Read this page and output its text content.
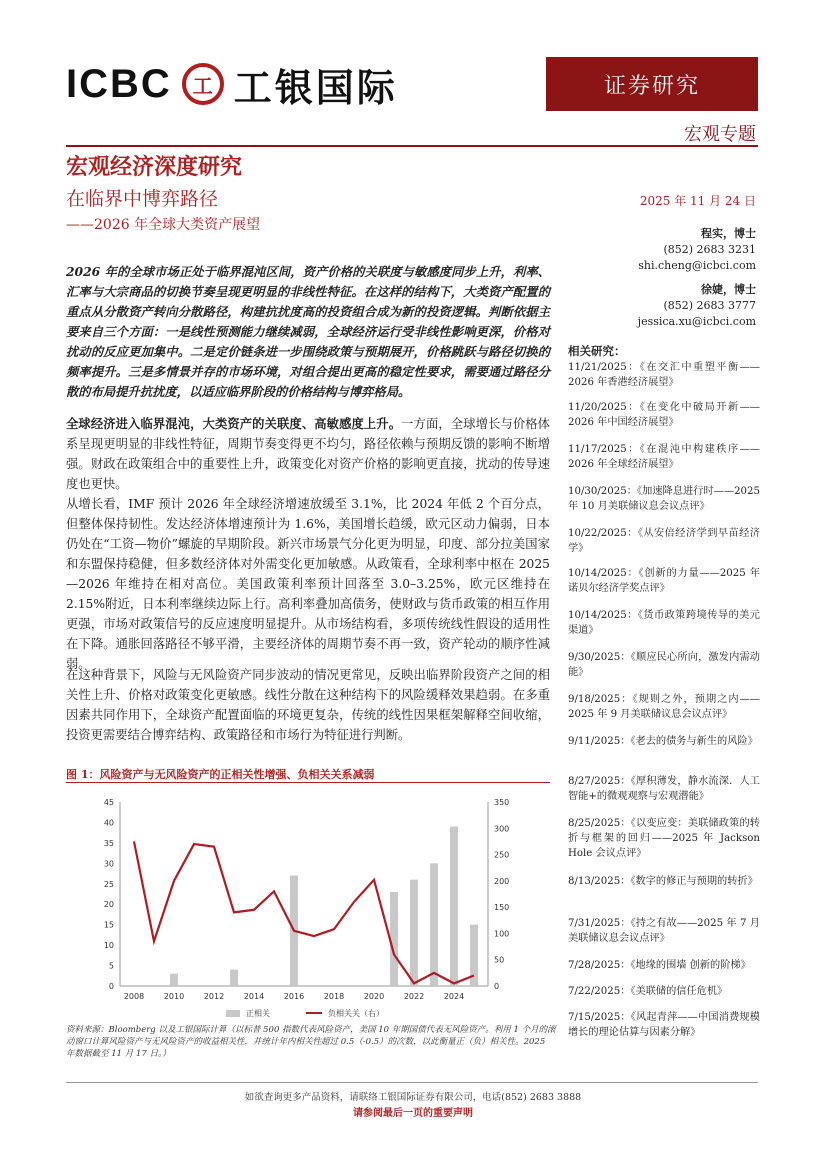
ICBC	工 工银国际	证券研究
宏观专题
宏观经济深度研究
在临界中博弈路径
——2026 年全球大类资产展望
2025 年 11 月 24 日
程实，博士
(852) 2683 3231
shi.cheng@icbci.com
徐婕，博士
(852) 2683 3777
jessica.xu@icbci.com
2026 年的全球市场正处于临界混沌区间，资产价格的关联度与敏感度同步上升，利率、汇率与大宗商品的切换节奏呈现更明显的非线性特征。在这样的结构下，大类资产配置的重点从分散资产转向分散路径，构建抗扰度高的投资组合成为新的投资逻辑。判断依据主要来自三个方面：一是线性预测能力继续减弱，全球经济运行受非线性影响更深，价格对扰动的反应更加集中。二是定价链条进一步围绕政策与预期展开，价格跳跃与路径切换的频率提升。三是多情景并存的市场环境，对组合提出更高的稳定性要求，需要通过路径分散的布局提升抗扰度，以适应临界阶段的价格结构与博弈格局。
全球经济进入临界混沌，大类资产的关联度、高敏感度上升。一方面，全球增长与价格体系呈现更明显的非线性特征，周期节奏变得更不均匀，路径依赖与预期反馈的影响不断增强。财政在政策组合中的重要性上升，政策变化对资产价格的影响更直接，扰动的传导速度也更快。
从增长看，IMF 预计 2026 年全球经济增速放缓至 3.1%，比 2024 年低 2 个百分点，但整体保持韧性。发达经济体增速预计为 1.6%，美国增长趋缓，欧元区动力偏弱，日本仍处在“工资—物价”螺旋的早期阶段。新兴市场景气分化更为明显，印度、部分拉美国家和东盟保持稳健，但多数经济体对外需变化更加敏感。从政策看，全球利率中枢在 2025—2026 年维持在相对高位。美国政策利率预计回落至 3.0–3.25%，欧元区维持在 2.15%附近，日本利率继续边际上行。高利率叠加高债务，使财政与货币政策的相互作用更强，市场对政策信号的反应速度明显提升。从市场结构看，多项传统线性假设的适用性在下降。通胀回落路径不够平滑，主要经济体的周期节奏不再一致，资产轮动的顺序性减弱。
在这种背景下，风险与无风险资产同步波动的情况更常见，反映出临界阶段资产之间的相关性上升、价格对政策变化更敏感。线性分散在这种结构下的风险缓释效果趋弱。在多重因素共同作用下，全球资产配置面临的环境更复杂，传统的线性因果框架解释空间收缩，投资更需要结合博弈结构、政策路径和市场行为特征进行判断。
相关研究：
11/21/2025：《在交汇中重塑平衡——2026 年香港经济展望》
11/20/2025：《在变化中破局开新——2026 年中国经济展望》
11/17/2025：《在混沌中构建秩序——2026 年全球经济展望》
10/30/2025：《加速降息进行时——2025 年 10 月美联储议息会议点评》
10/22/2025：《从安倍经济学到早苗经济学》
10/14/2025：《创新的力量——2025 年诺贝尔经济学奖点评》
10/14/2025：《货币政策跨境传导的美元渠道》
9/30/2025：《顺应民心所向，激发内需动能》
9/18/2025：《规则之外，预期之内——2025 年 9 月美联储议息会议点评》
9/11/2025：《老去的债务与新生的风险》
8/27/2025：《厚积薄发，静水流深．人工智能+的微观观察与宏观潜能》
8/25/2025：《以变应变：美联储政策的转折与框架的回归——2025 年 Jackson Hole 会议点评》
8/13/2025：《数字的修正与预期的转折》
7/31/2025：《持之有故——2025 年 7 月美联储议息会议点评》
7/28/2025：《地缘的围墙 创新的阶梯》
7/22/2025：《美联储的信任危机》
7/15/2025：《风起青萍——中国消费规模增长的理论估算与因素分解》
图 1：风险资产与无风险资产的正相关性增强、负相关关系减弱
0
5
10
15
20
25
30
35
40
45
0
50
100
150
200
250
300
350
2008 2010 2012 2014 2016 2018 2020 2022 2024
正相关	负相关关（右）
资料来源：Bloomberg 以及工银国际计算（以标普 500 指数代表风险资产，美国 10 年期国债代表无风险资产。利用 1 个月的滚动窗口计算风险资产与无风险资产的收益相关性，并统计年内相关性超过 0.5（-0.5）的次数，以此衡量正（负）相关性。2025 年数据截至 11 月 17 日。）
如欲查询更多产品资料，请联络工银国际证券有限公司，电话(852) 2683 3888
请参阅最后一页的重要声明
